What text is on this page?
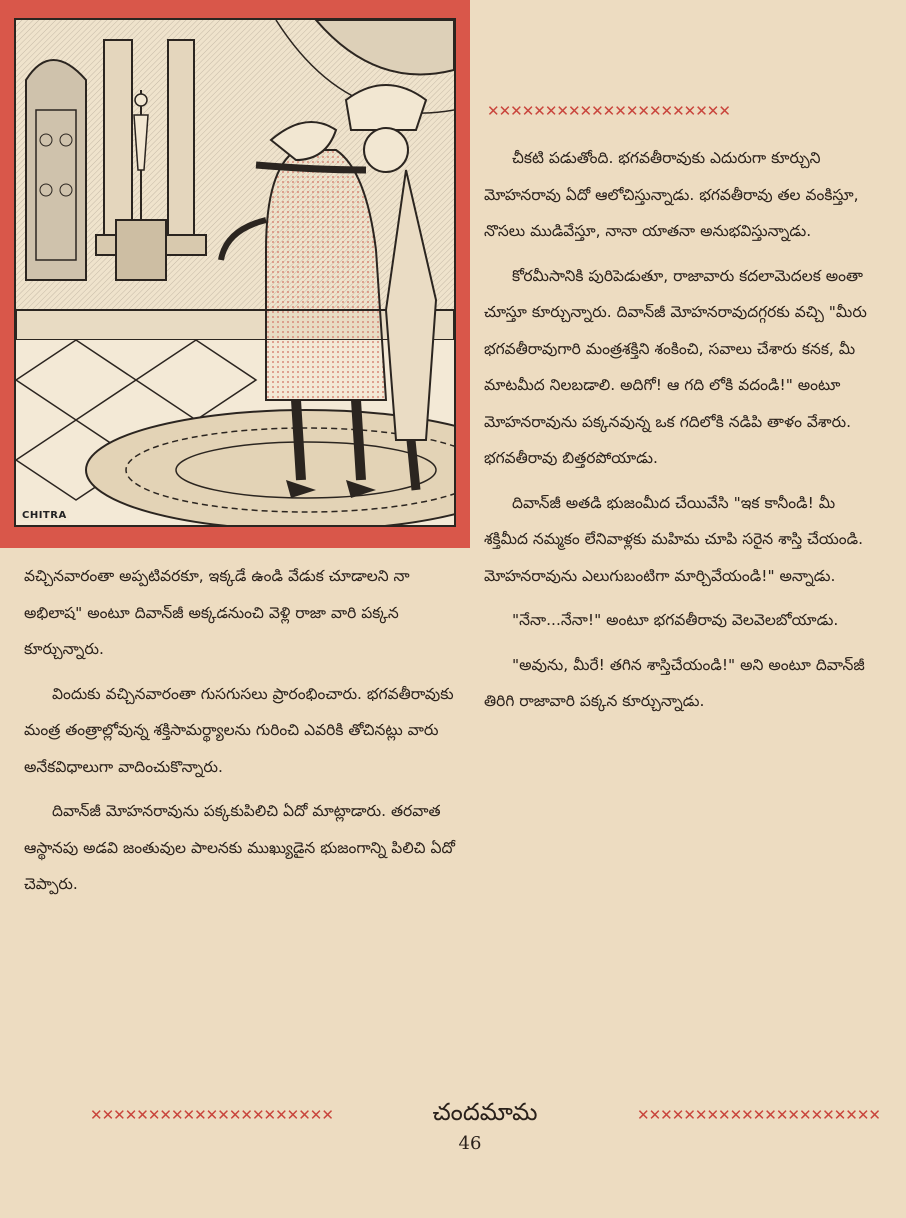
CHITRA
✕✕✕✕✕✕✕✕✕✕✕✕✕✕✕✕✕✕✕✕✕

చీకటి పడుతోంది. భగవతీరావుకు ఎదురుగా కూర్చుని మోహనరావు ఏదో ఆలోచిస్తున్నాడు. భగవతీరావు తల వంకిస్తూ, నొసలు ముడివేస్తూ, నానా యాతనా అనుభవిస్తున్నాడు.

కోరమీసానికి పురిపెడుతూ, రాజావారు కదలామెదలక అంతా చూస్తూ కూర్చున్నారు. దివాన్‌జీ మోహనరావుదగ్గరకు వచ్చి "మీరు భగవతీరావుగారి మంత్రశక్తిని శంకించి, సవాలు చేశారు కనక, మీ మాటమీద నిలబడాలి. అదిగో! ఆ గది లోకి వదండి!" అంటూ మోహనరావును పక్కనవున్న ఒక గదిలోకి నడిపి తాళం వేశారు. భగవతీరావు బిత్తరపోయాడు.

దివాన్‌జీ అతడి భుజంమీద చేయివేసి "ఇక కానీండి! మీ శక్తిమీద నమ్మకం లేనివాళ్లకు మహిమ చూపి సరైన శాస్తి చేయండి. మోహనరావును ఎలుగుబంటిగా మార్చివేయండి!" అన్నాడు.

"నేనా...నేనా!" అంటూ భగవతీరావు వెలవెలబోయాడు.

"అవును, మీరే! తగిన శాస్తిచేయండి!" అని అంటూ దివాన్‌జీ తిరిగి రాజావారి పక్కన కూర్చున్నాడు.

వచ్చినవారంతా అప్పటివరకూ, ఇక్కడే ఉండి వేడుక చూడాలని నా అభిలాష" అంటూ దివాన్‌జీ అక్కడనుంచి వెళ్లి రాజా వారి పక్కన కూర్చున్నారు.

విందుకు వచ్చినవారంతా గుసగుసలు ప్రారంభించారు. భగవతీరావుకు మంత్ర తంత్రాల్లోవున్న శక్తిసామర్థ్యాలను గురించి ఎవరికి తోచినట్లు వారు అనేకవిధాలుగా వాదించుకొన్నారు.

దివాన్‌జీ మోహనరావును పక్కకుపిలిచి ఏదో మాట్లాడారు. తరవాత ఆస్థానపు అడవి జంతువుల పాలనకు ముఖ్యుడైన భుజంగాన్ని పిలిచి ఏదో చెప్పారు.

✕✕✕✕✕✕✕✕✕✕✕✕✕✕✕✕✕✕✕✕✕	చందమామ	✕✕✕✕✕✕✕✕✕✕✕✕✕✕✕✕✕✕✕✕✕
46
